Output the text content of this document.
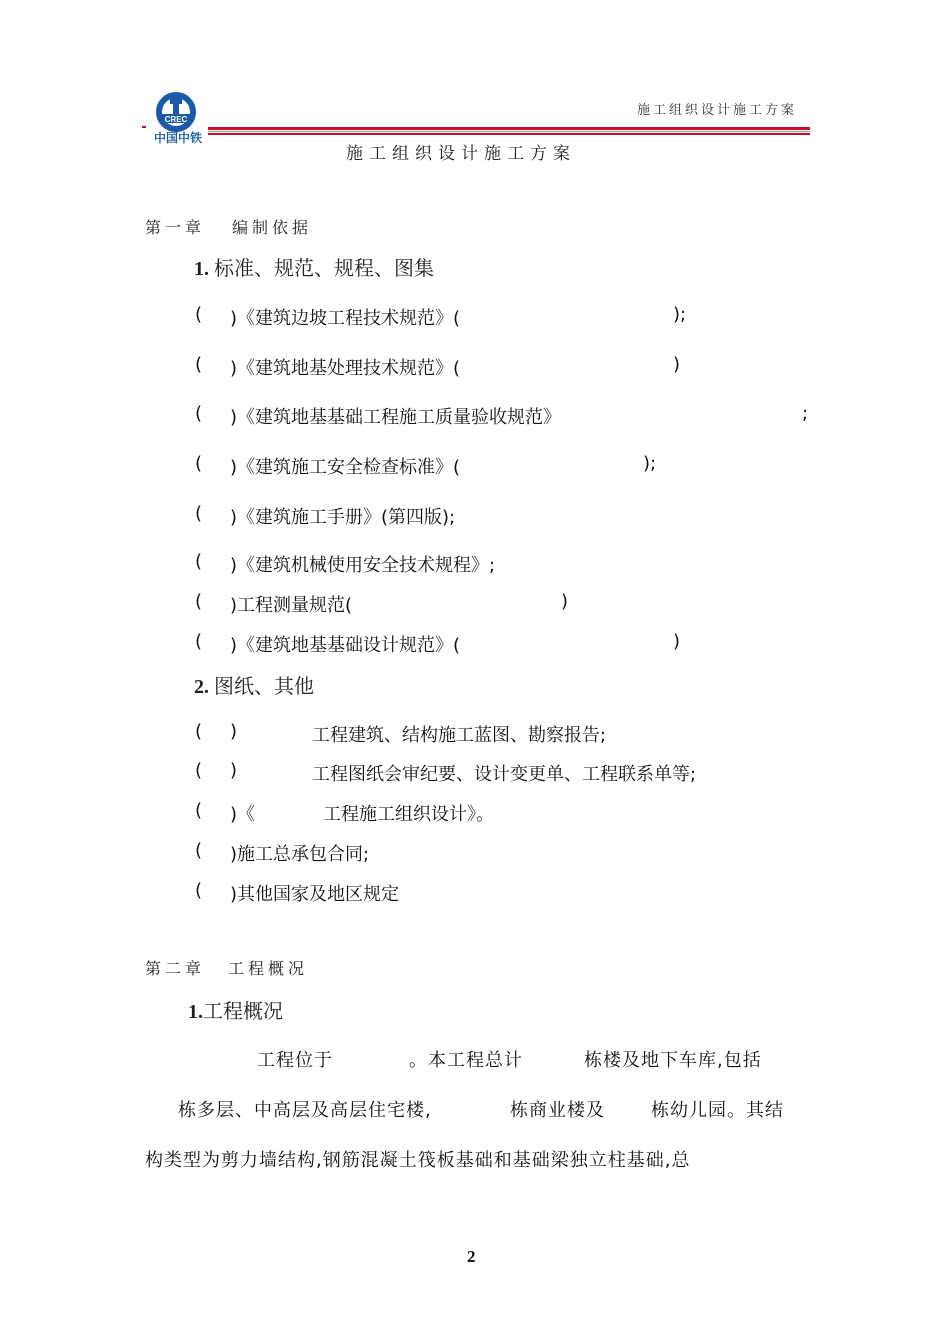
CREC
中国中铁
施工组织设计施工方案
施工组织设计施工方案
第一章 编制依据
1. 标准、规范、规程、图集
( )《建筑边坡工程技术规范》(	);
( )《建筑地基处理技术规范》(	)
( )《建筑地基基础工程施工质量验收规范》	;
( )《建筑施工安全检查标准》(	);
( )《建筑施工手册》(第四版);
( )《建筑机械使用安全技术规程》;
( )工程测量规范(	)
( )《建筑地基基础设计规范》(	)
2. 图纸、其他
( )	工程建筑、结构施工蓝图、勘察报告;
( )	工程图纸会审纪要、设计变更单、工程联系单等;
( )《	工程施工组织设计》。
( )施工总承包合同;
( )其他国家及地区规定
第二章 工程概况
1.工程概况
工程位于	。本工程总计	栋楼及地下车库,包括
栋多层、中高层及高层住宅楼,	栋商业楼及	栋幼儿园。其结
构类型为剪力墙结构,钢筋混凝土筏板基础和基础梁独立柱基础,总
2
